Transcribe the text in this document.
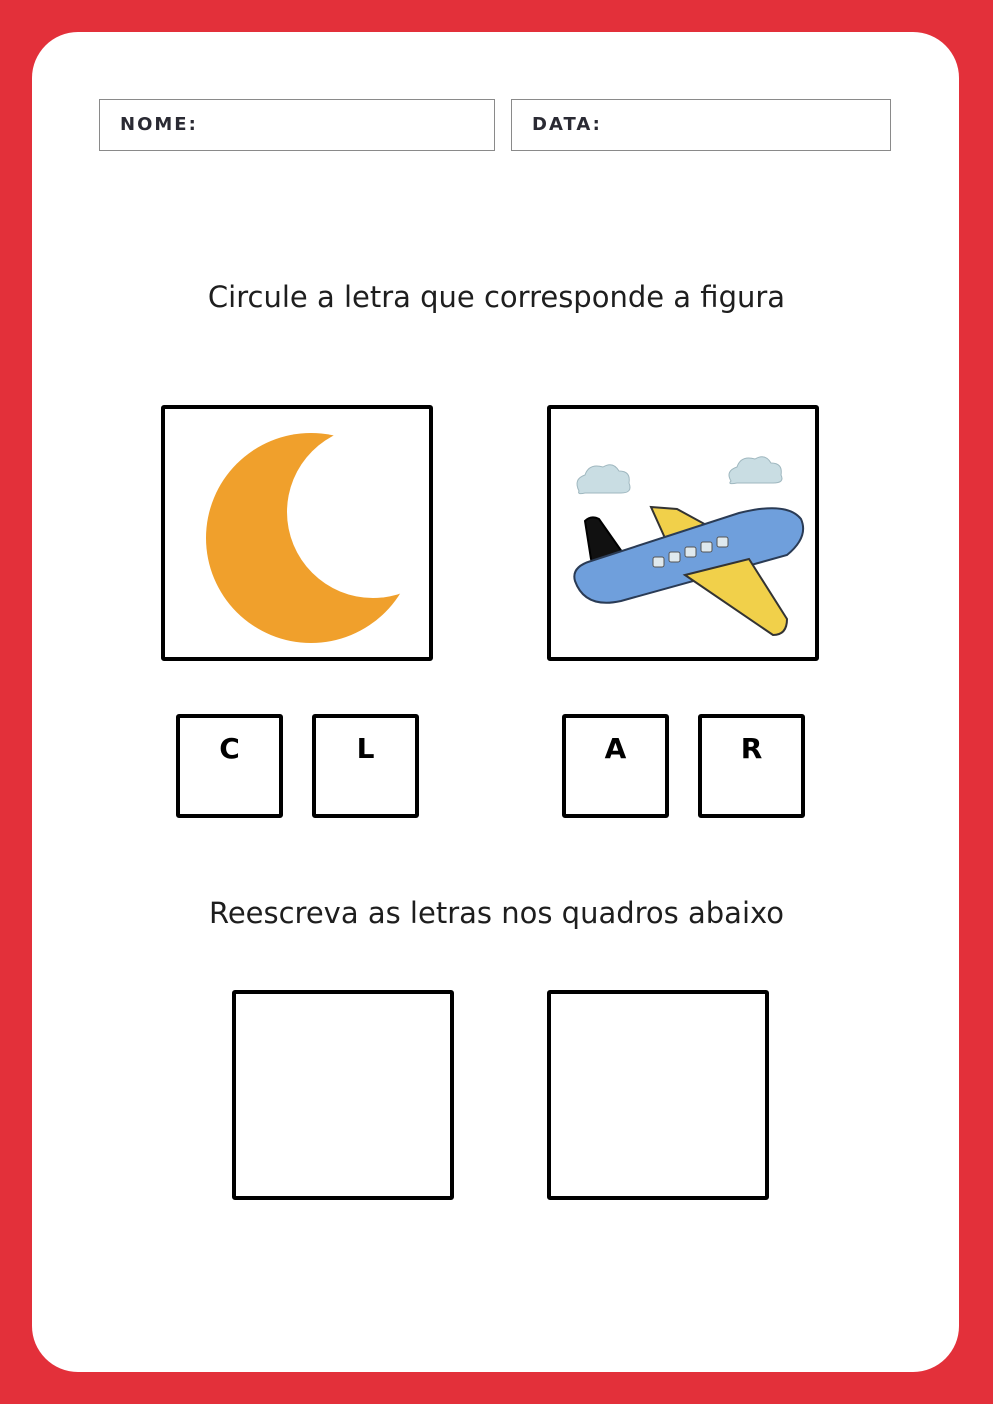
NOME:	DATA:
Circule a letra que corresponde a figura
C	L	A	R
Reescreva as letras nos quadros abaixo
